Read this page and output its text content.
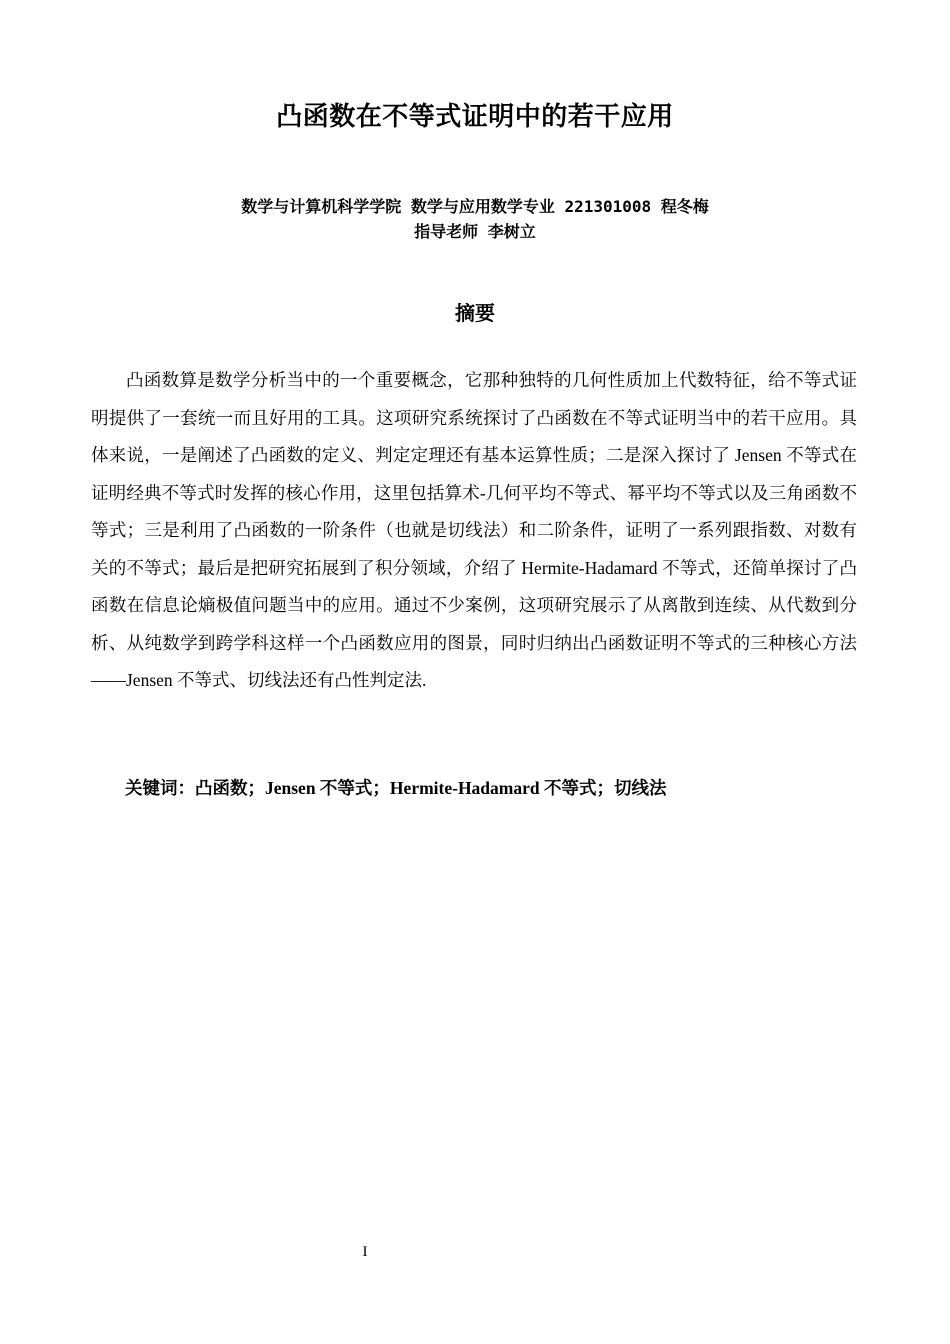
凸函数在不等式证明中的若干应用
数学与计算机科学学院 数学与应用数学专业 221301008 程冬梅
指导老师 李树立
摘要

凸函数算是数学分析当中的一个重要概念，它那种独特的几何性质加上代数特征，给不等式证明提供了一套统一而且好用的工具。这项研究系统探讨了凸函数在不等式证明当中的若干应用。具体来说，一是阐述了凸函数的定义、判定定理还有基本运算性质；二是深入探讨了 Jensen 不等式在证明经典不等式时发挥的核心作用，这里包括算术-几何平均不等式、幂平均不等式以及三角函数不等式；三是利用了凸函数的一阶条件（也就是切线法）和二阶条件，证明了一系列跟指数、对数有关的不等式；最后是把研究拓展到了积分领域，介绍了 Hermite-Hadamard 不等式，还简单探讨了凸函数在信息论熵极值问题当中的应用。通过不少案例，这项研究展示了从离散到连续、从代数到分析、从纯数学到跨学科这样一个凸函数应用的图景，同时归纳出凸函数证明不等式的三种核心方法——Jensen 不等式、切线法还有凸性判定法.

关键词：凸函数；Jensen 不等式；Hermite-Hadamard 不等式；切线法
I
